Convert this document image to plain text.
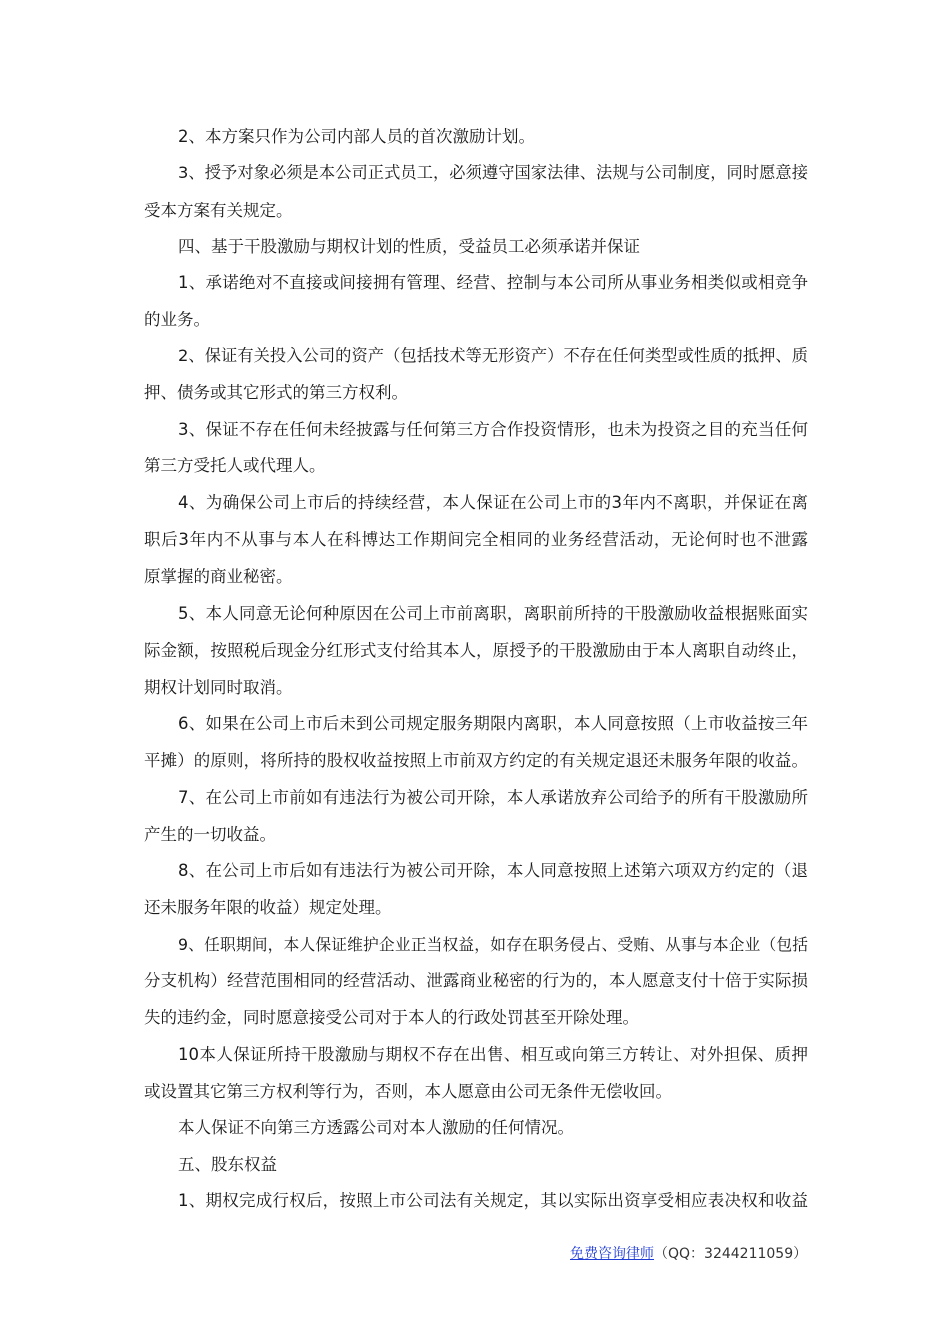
2、本方案只作为公司内部人员的首次激励计划。
3、授予对象必须是本公司正式员工，必须遵守国家法律、法规与公司制度，同时愿意接
受本方案有关规定。
四、基于干股激励与期权计划的性质，受益员工必须承诺并保证
1、承诺绝对不直接或间接拥有管理、经营、控制与本公司所从事业务相类似或相竞争
的业务。
2、保证有关投入公司的资产（包括技术等无形资产）不存在任何类型或性质的抵押、质
押、债务或其它形式的第三方权利。
3、保证不存在任何未经披露与任何第三方合作投资情形，也未为投资之目的充当任何
第三方受托人或代理人。
4、为确保公司上市后的持续经营，本人保证在公司上市的3年内不离职，并保证在离
职后3年内不从事与本人在科博达工作期间完全相同的业务经营活动，无论何时也不泄露
原掌握的商业秘密。
5、本人同意无论何种原因在公司上市前离职，离职前所持的干股激励收益根据账面实
际金额，按照税后现金分红形式支付给其本人，原授予的干股激励由于本人离职自动终止，
期权计划同时取消。
6、如果在公司上市后未到公司规定服务期限内离职，本人同意按照（上市收益按三年
平摊）的原则，将所持的股权收益按照上市前双方约定的有关规定退还未服务年限的收益。
7、在公司上市前如有违法行为被公司开除，本人承诺放弃公司给予的所有干股激励所
产生的一切收益。
8、在公司上市后如有违法行为被公司开除，本人同意按照上述第六项双方约定的（退
还未服务年限的收益）规定处理。
9、任职期间，本人保证维护企业正当权益，如存在职务侵占、受贿、从事与本企业（包括
分支机构）经营范围相同的经营活动、泄露商业秘密的行为的，本人愿意支付十倍于实际损
失的违约金，同时愿意接受公司对于本人的行政处罚甚至开除处理。
10本人保证所持干股激励与期权不存在出售、相互或向第三方转让、对外担保、质押
或设置其它第三方权利等行为，否则，本人愿意由公司无条件无偿收回。
本人保证不向第三方透露公司对本人激励的任何情况。
五、股东权益
1、期权完成行权后，按照上市公司法有关规定，其以实际出资享受相应表决权和收益
免费咨询律师（QQ：3244211059）
